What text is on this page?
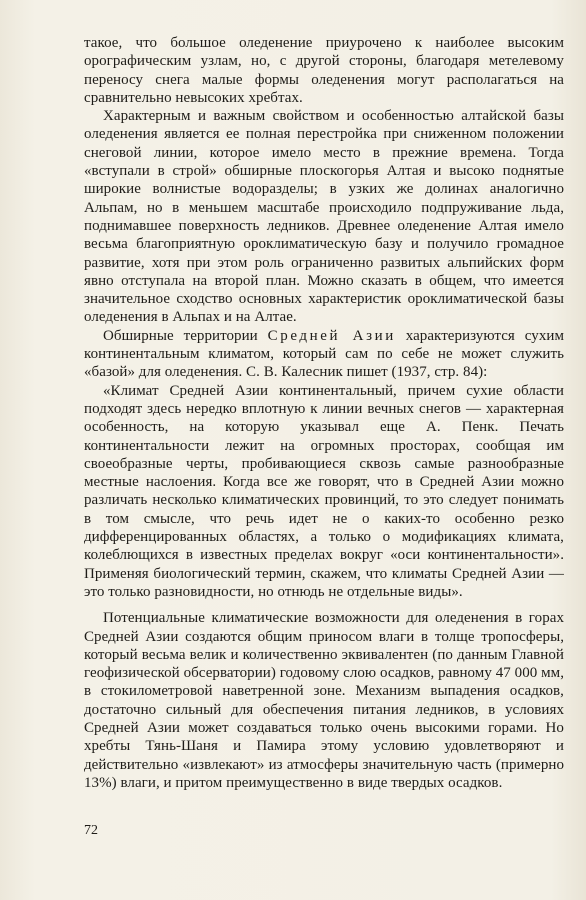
такое, что большое оледенение приурочено к наиболее высоким орографическим узлам, но, с другой стороны, благодаря метелевому переносу снега малые формы оледенения могут располагаться на сравнительно невысоких хребтах.

Характерным и важным свойством и особенностью алтайской базы оледенения является ее полная перестройка при сниженном положении снеговой линии, которое имело место в прежние времена. Тогда «вступали в строй» обширные плоскогорья Алтая и высоко поднятые широкие волнистые водоразделы; в узких же долинах аналогично Альпам, но в меньшем масштабе происходило подпруживание льда, поднимавшее поверхность ледников. Древнее оледенение Алтая имело весьма благоприятную ороклиматическую базу и получило громадное развитие, хотя при этом роль ограниченно развитых альпийских форм явно отступала на второй план. Можно сказать в общем, что имеется значительное сходство основных характеристик ороклиматической базы оледенения в Альпах и на Алтае.

Обширные территории Средней Азии характеризуются сухим континентальным климатом, который сам по себе не может служить «базой» для оледенения. С. В. Калесник пишет (1937, стр. 84):

«Климат Средней Азии континентальный, причем сухие области подходят здесь нередко вплотную к линии вечных снегов — характерная особенность, на которую указывал еще А. Пенк. Печать континентальности лежит на огромных просторах, сообщая им своеобразные черты, пробивающиеся сквозь самые разнообразные местные наслоения. Когда все же говорят, что в Средней Азии можно различать несколько климатических провинций, то это следует понимать в том смысле, что речь идет не о каких-то особенно резко дифференцированных областях, а только о модификациях климата, колеблющихся в известных пределах вокруг «оси континентальности». Применяя биологический термин, скажем, что климаты Средней Азии — это только разновидности, но отнюдь не отдельные виды».

Потенциальные климатические возможности для оледенения в горах Средней Азии создаются общим приносом влаги в толще тропосферы, который весьма велик и количественно эквивалентен (по данным Главной геофизической обсерватории) годовому слою осадков, равному 47 000 мм, в стокилометровой наветренной зоне. Механизм выпадения осадков, достаточно сильный для обеспечения питания ледников, в условиях Средней Азии может создаваться только очень высокими горами. Но хребты Тянь-Шаня и Памира этому условию удовлетворяют и действительно «извлекают» из атмосферы значительную часть (примерно 13%) влаги, и притом преимущественно в виде твердых осадков.

72
